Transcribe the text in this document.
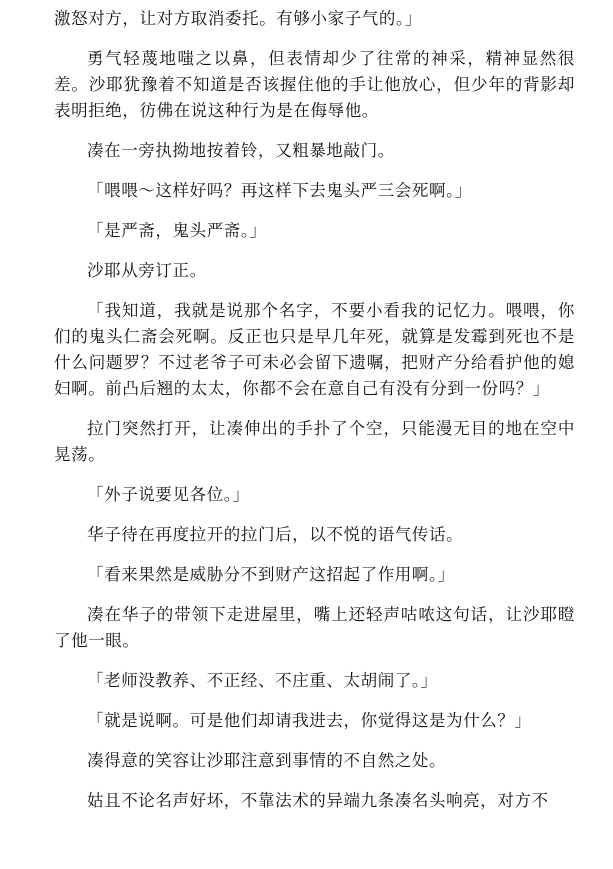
激怒对方，让对方取消委托。有够小家子气的。」

勇气轻蔑地嗤之以鼻，但表情却少了往常的神采，精神显然很差。沙耶犹豫着不知道是否该握住他的手让他放心，但少年的背影却表明拒绝，彷佛在说这种行为是在侮辱他。

凑在一旁执拗地按着铃，又粗暴地敲门。

「喂喂～这样好吗？再这样下去鬼头严三会死啊。」

「是严斋，鬼头严斋。」

沙耶从旁订正。

「我知道，我就是说那个名字，不要小看我的记忆力。喂喂，你们的鬼头仁斋会死啊。反正也只是早几年死，就算是发霉到死也不是什么问题罗？不过老爷子可未必会留下遗嘱，把财产分给看护他的媳妇啊。前凸后翘的太太，你都不会在意自己有没有分到一份吗？」

拉门突然打开，让凑伸出的手扑了个空，只能漫无目的地在空中晃荡。

「外子说要见各位。」

华子待在再度拉开的拉门后，以不悦的语气传话。

「看来果然是威胁分不到财产这招起了作用啊。」

凑在华子的带领下走进屋里，嘴上还轻声咕哝这句话，让沙耶瞪了他一眼。

「老师没教养、不正经、不庄重、太胡闹了。」

「就是说啊。可是他们却请我进去，你觉得这是为什么？」

凑得意的笑容让沙耶注意到事情的不自然之处。

姑且不论名声好坏，不靠法术的异端九条凑名头响亮，对方不
